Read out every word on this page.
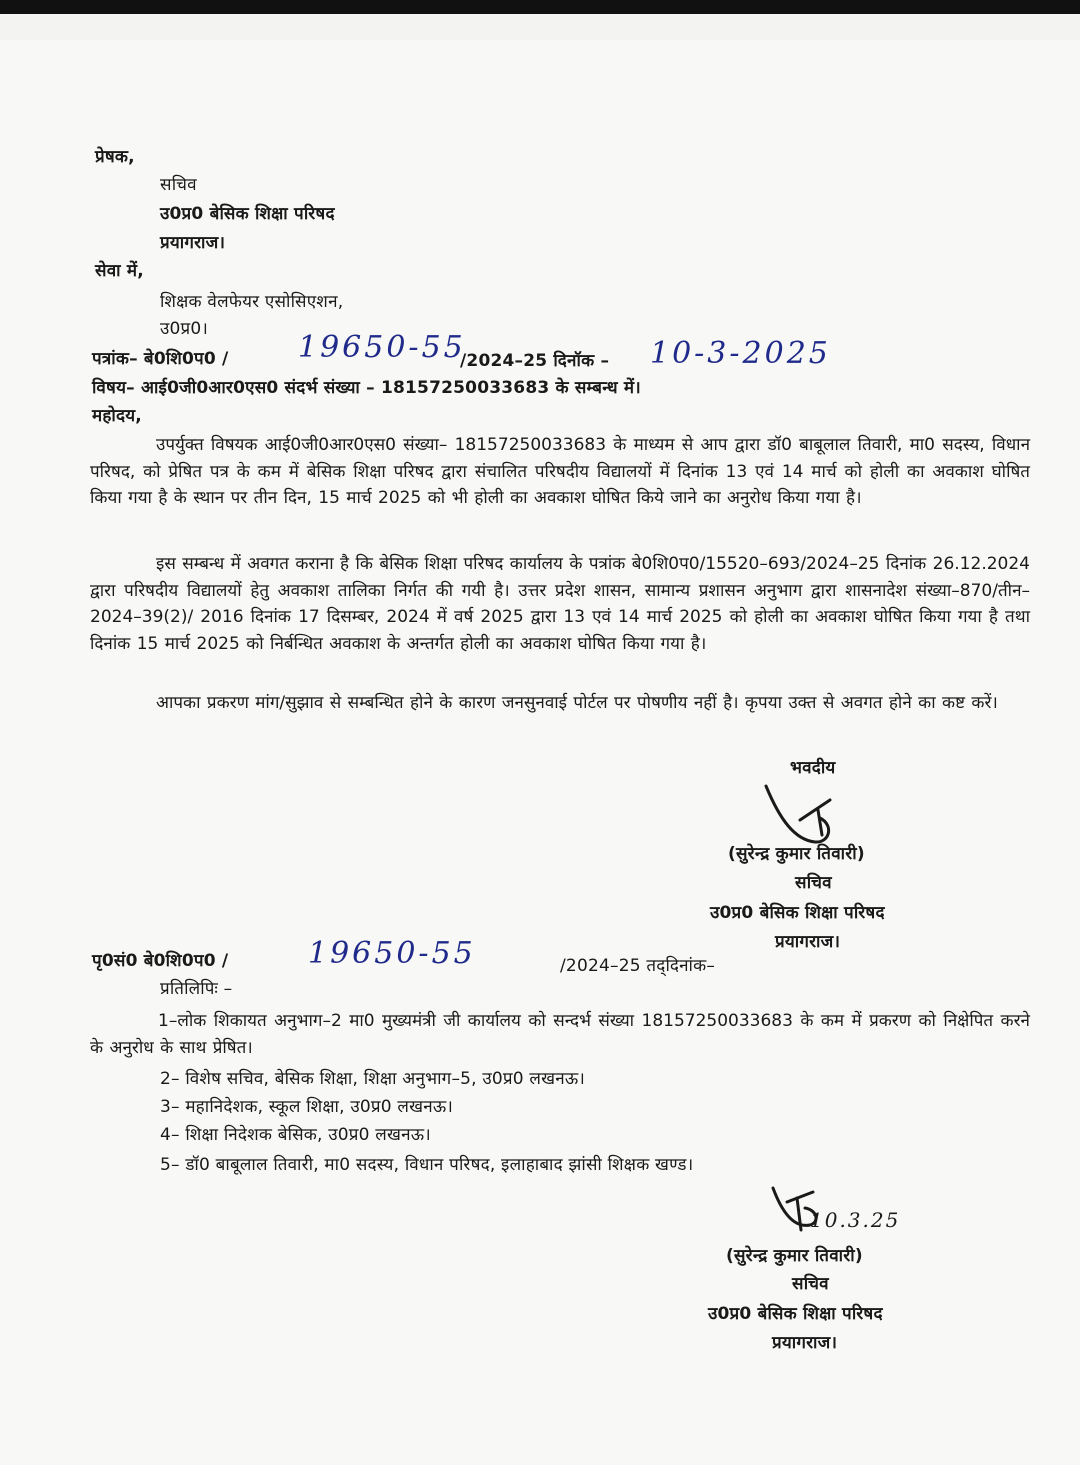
प्रेषक,
सचिव
उ0प्र0 बेसिक शिक्षा परिषद
प्रयागराज।
सेवा में,
शिक्षक वेलफेयर एसोसिएशन,
उ0प्र0।
पत्रांक– बे0शि0प0 / 19650-55
/2024–25 दिनॉक – 10-3-2025
विषय– आई0जी0आर0एस0 संदर्भ संख्या – 18157250033683 के सम्बन्ध में।
महोदय,
उपर्युक्त विषयक आई0जी0आर0एस0 संख्या– 18157250033683 के माध्यम से आप द्वारा डॉ0 बाबूलाल तिवारी, मा0 सदस्य, विधान परिषद, को प्रेषित पत्र के कम में बेसिक शिक्षा परिषद द्वारा संचालित परिषदीय विद्यालयों में दिनांक 13 एवं 14 मार्च को होली का अवकाश घोषित किया गया है के स्थान पर तीन दिन, 15 मार्च 2025 को भी होली का अवकाश घोषित किये जाने का अनुरोध किया गया है।
इस सम्बन्ध में अवगत कराना है कि बेसिक शिक्षा परिषद कार्यालय के पत्रांक बे0शि0प0/15520–693/2024–25 दिनांक 26.12.2024 द्वारा परिषदीय विद्यालयों हेतु अवकाश तालिका निर्गत की गयी है। उत्तर प्रदेश शासन, सामान्य प्रशासन अनुभाग द्वारा शासनादेश संख्या–870/तीन–2024–39(2)/ 2016 दिनांक 17 दिसम्बर, 2024 में वर्ष 2025 द्वारा 13 एवं 14 मार्च 2025 को होली का अवकाश घोषित किया गया है तथा दिनांक 15 मार्च 2025 को निर्बन्धित अवकाश के अन्तर्गत होली का अवकाश घोषित किया गया है।
आपका प्रकरण मांग/सुझाव से सम्बन्धित होने के कारण जनसुनवाई पोर्टल पर पोषणीय नहीं है। कृपया उक्त से अवगत होने का कष्ट करें।
भवदीय
(सुरेन्द्र कुमार तिवारी)
सचिव
उ0प्र0 बेसिक शिक्षा परिषद
प्रयागराज।
पृ0सं0 बे0शि0प0 /	19650-55	/2024–25 तद्‌दिनांक–
प्रतिलिपिः –
1–लोक शिकायत अनुभाग–2 मा0 मुख्यमंत्री जी कार्यालय को सन्दर्भ संख्या 18157250033683 के कम में प्रकरण को निक्षेपित करने के अनुरोध के साथ प्रेषित।
2– विशेष सचिव, बेसिक शिक्षा, शिक्षा अनुभाग–5, उ0प्र0 लखनऊ।
3– महानिदेशक, स्कूल शिक्षा, उ0प्र0 लखनऊ।
4– शिक्षा निदेशक बेसिक, उ0प्र0 लखनऊ।
5– डॉ0 बाबूलाल तिवारी, मा0 सदस्य, विधान परिषद, इलाहाबाद झांसी शिक्षक खण्ड।
10.3.25
(सुरेन्द्र कुमार तिवारी)
सचिव
उ0प्र0 बेसिक शिक्षा परिषद
प्रयागराज।
